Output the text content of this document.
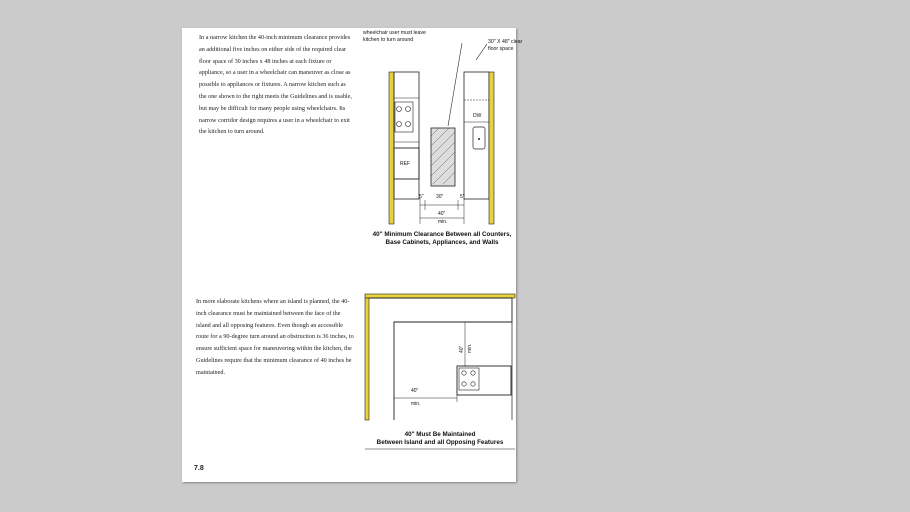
In a narrow kitchen the 40-inch minimum clearance provides an additional five inches on either side of the required clear floor space of 30 inches x 48 inches at each fixture or appliance, so a user in a wheelchair can maneuver as close as possible to appliances or fixtures. A narrow kitchen such as the one shown to the right meets the Guidelines and is usable, but may be difficult for many people using wheelchairs. Its narrow corridor design requires a user in a wheelchair to exit the kitchen to turn around.
wheelchair user must leave kitchen to turn around	30" X 48" clear floor space
REF
DW
5" 30"	5"
40"
min.
40" Minimum Clearance Between all Counters,
Base Cabinets, Appliances, and Walls
In more elaborate kitchens where an island is planned, the 40-inch clearance must be maintained between the face of the island and all opposing features. Even though an accessible route for a 90-degree turn around an obstruction is 36 inches, to ensure sufficient space for maneuvering within the kitchen, the Guidelines require that the minimum clearance of 40 inches be maintained.
40" min.
40"
min.
40" Must Be Maintained
Between Island and all Opposing Features
7.8
